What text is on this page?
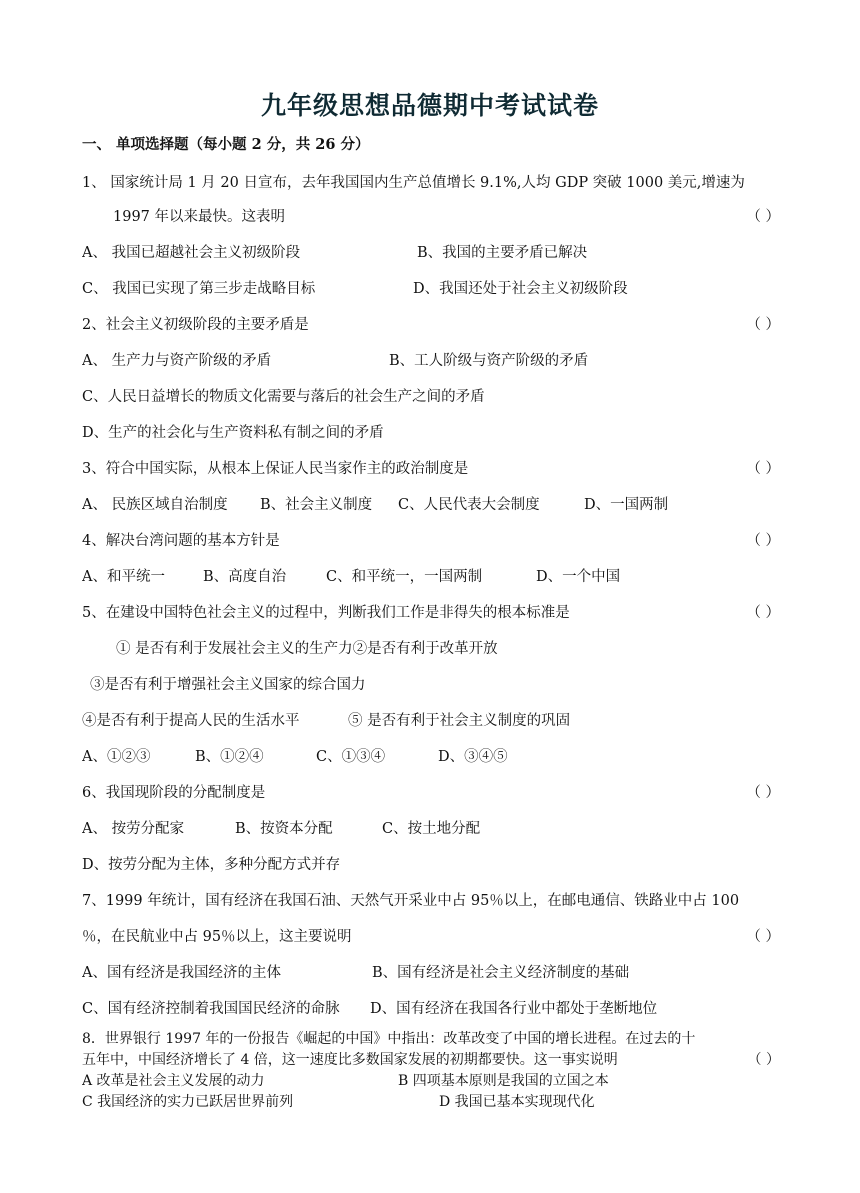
九年级思想品德期中考试试卷
一、 单项选择题（每小题 2 分，共 26 分）
1、 国家统计局 1 月 20 日宣布，去年我国国内生产总值增长 9.1%,人均 GDP 突破 1000 美元,增速为
1997 年以来最快。这表明	（ ）
A、 我国已超越社会主义初级阶段	B、我国的主要矛盾已解决
C、 我国已实现了第三步走战略目标	D、我国还处于社会主义初级阶段
2、社会主义初级阶段的主要矛盾是	（ ）
A、 生产力与资产阶级的矛盾	B、工人阶级与资产阶级的矛盾
C、人民日益增长的物质文化需要与落后的社会生产之间的矛盾
D、生产的社会化与生产资料私有制之间的矛盾
3、符合中国实际，从根本上保证人民当家作主的政治制度是	（ ）
A、 民族区域自治制度 B、社会主义制度 C、人民代表大会制度	D、一国两制
4、解决台湾问题的基本方针是	（ ）
A、和平统一	B、高度自治	C、和平统一，一国两制	D、一个中国
5、在建设中国特色社会主义的过程中，判断我们工作是非得失的根本标准是	（ ）
① 是否有利于发展社会主义的生产力②是否有利于改革开放
③是否有利于增强社会主义国家的综合国力
④是否有利于提高人民的生活水平	⑤ 是否有利于社会主义制度的巩固
A、①②③	B、①②④	C、①③④	D、③④⑤
6、我国现阶段的分配制度是	（ ）
A、 按劳分配家	B、按资本分配	C、按土地分配
D、按劳分配为主体，多种分配方式并存
7、1999 年统计，国有经济在我国石油、天然气开采业中占 95％以上，在邮电通信、铁路业中占 100
％，在民航业中占 95％以上，这主要说明	（ ）
A、国有经济是我国经济的主体	B、国有经济是社会主义经济制度的基础
C、国有经济控制着我国国民经济的命脉 D、国有经济在我国各行业中都处于垄断地位
8．世界银行 1997 年的一份报告《崛起的中国》中指出：改革改变了中国的增长进程。在过去的十
五年中，中国经济增长了 4 倍，这一速度比多数国家发展的初期都要快。这一事实说明	（ ）
A 改革是社会主义发展的动力	B 四项基本原则是我国的立国之本
C 我国经济的实力已跃居世界前列	D 我国已基本实现现代化
